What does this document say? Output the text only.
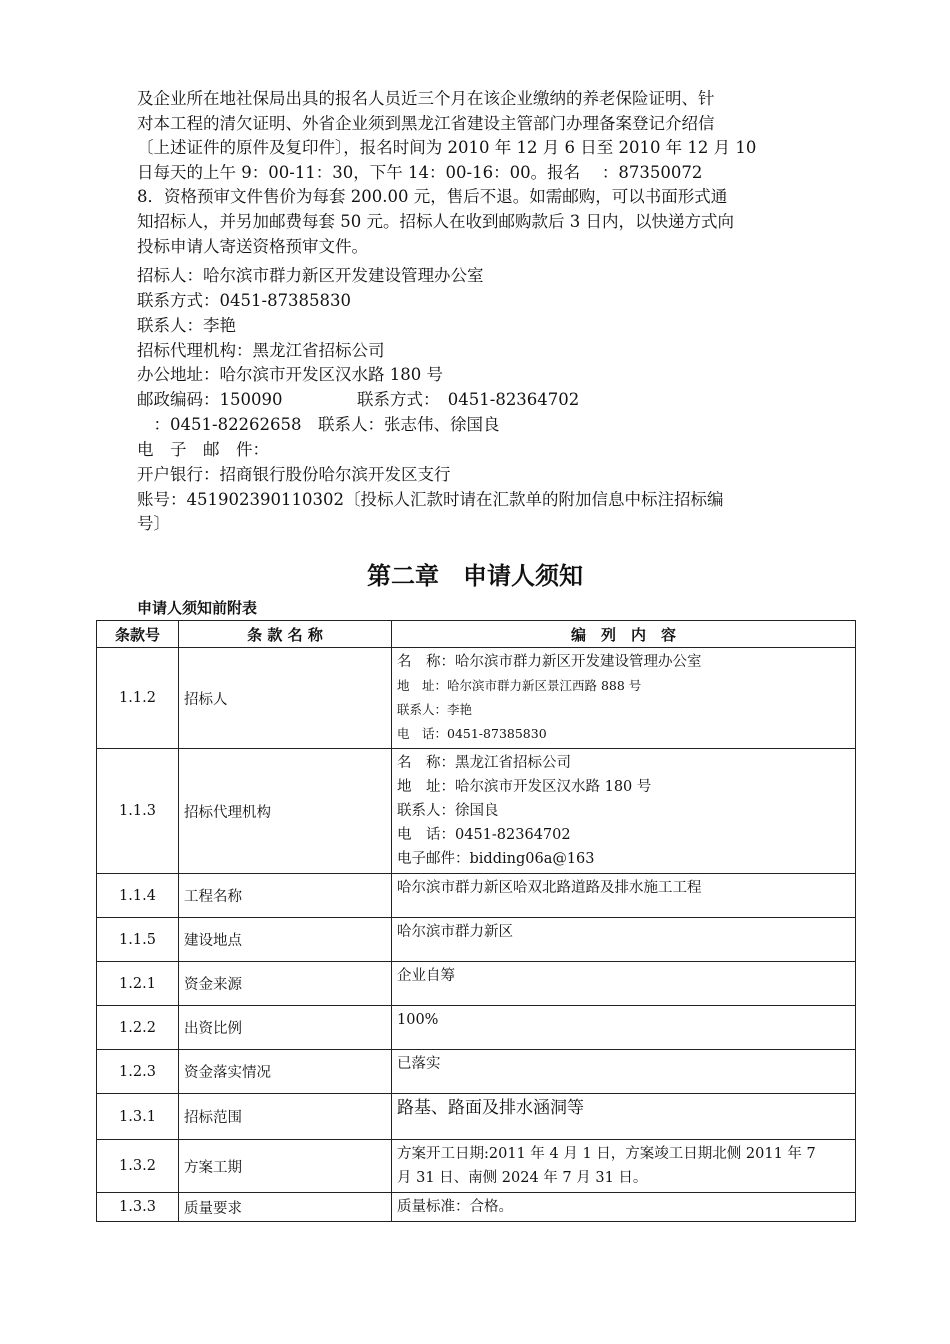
及企业所在地社保局出具的报名人员近三个月在该企业缴纳的养老保险证明、针

对本工程的清欠证明、外省企业须到黑龙江省建设主管部门办理备案登记介绍信

〔上述证件的原件及复印件〕，报名时间为 2010 年 12 月 6 日至 2010 年 12 月 10

日每天的上午 9：00-11：30，下午 14：00-16：00。报名　 ：87350072

8．资格预审文件售价为每套 200.00 元，售后不退。如需邮购，可以书面形式通

知招标人，并另加邮费每套 50 元。招标人在收到邮购款后 3 日内，以快递方式向

投标申请人寄送资格预审文件。

招标人：哈尔滨市群力新区开发建设管理办公室
联系方式：0451-87385830
联系人：李艳
招标代理机构：黑龙江省招标公司
办公地址：哈尔滨市开发区汉水路 180 号
邮政编码：150090	联系方式：　0451-82364702
　：0451-82262658　联系人：张志伟、徐国良
电　子　邮　件：
开户银行：招商银行股份哈尔滨开发区支行
账号：451902390110302〔投标人汇款时请在汇款单的附加信息中标注招标编
号〕
第二章　申请人须知
申请人须知前附表
条款号	条 款 名 称	编　列　内　容
1.1.2	招标人	名　称：哈尔滨市群力新区开发建设管理办公室
地　址：哈尔滨市群力新区景江西路 888 号
联系人：李艳
电　话：0451-87385830

1.1.3	招标代理机构	名　称：黑龙江省招标公司
地　址：哈尔滨市开发区汉水路 180 号
联系人：徐国良
电　话：0451-82364702
电子邮件：bidding06a@163

1.1.4	工程名称	哈尔滨市群力新区哈双北路道路及排水施工工程
1.1.5	建设地点	哈尔滨市群力新区
1.2.1	资金来源	企业自筹
1.2.2	出资比例	100%
1.2.3	资金落实情况	已落实
1.3.1	招标范围	路基、路面及排水涵洞等
1.3.2	方案工期	方案开工日期:2011 年 4 月 1 日，方案竣工日期北侧 2011 年 7
月 31 日、南侧 2024 年 7 月 31 日。

1.3.3	质量要求	质量标准：合格。
